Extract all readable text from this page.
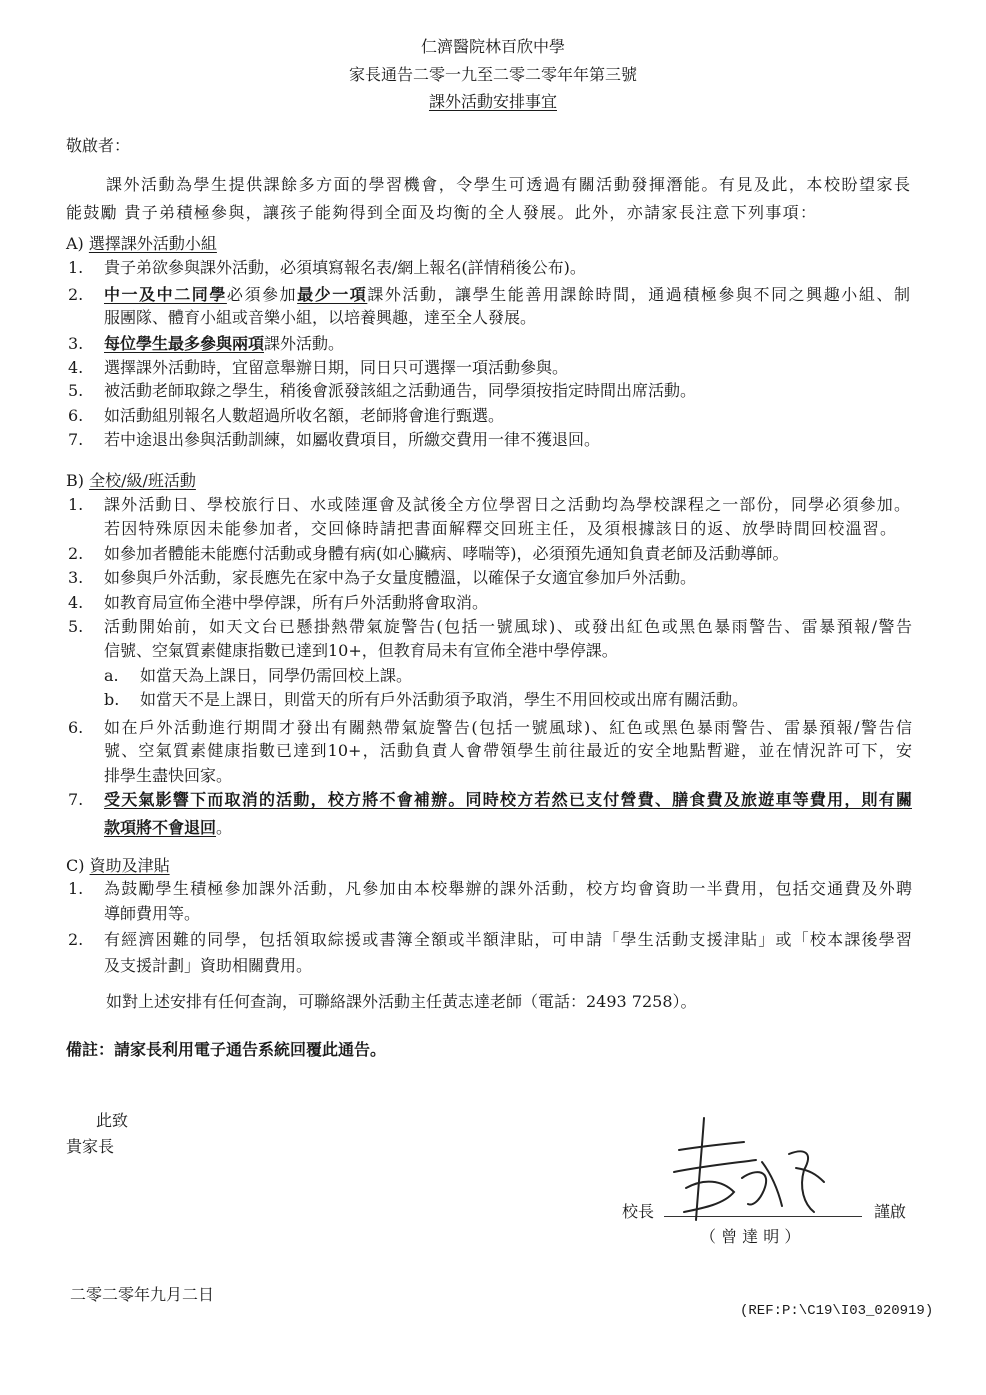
仁濟醫院林百欣中學
家長通告二零一九至二零二零年年第三號
課外活動安排事宜
敬啟者：
課外活動為學生提供課餘多方面的學習機會，令學生可透過有關活動發揮潛能。有見及此，本校盼望家長
能鼓勵 貴子弟積極參與，讓孩子能夠得到全面及均衡的全人發展。此外，亦請家長注意下列事項：
A) 選擇課外活動小組
1. 貴子弟欲參與課外活動，必須填寫報名表/網上報名(詳情稍後公布)。
2. 中一及中二同學必須參加最少一項課外活動，讓學生能善用課餘時間，通過積極參與不同之興趣小組、制
服團隊、體育小組或音樂小組，以培養興趣，達至全人發展。
3. 每位學生最多參與兩項課外活動。
4. 選擇課外活動時，宜留意舉辦日期，同日只可選擇一項活動參與。
5. 被活動老師取錄之學生，稍後會派發該組之活動通告，同學須按指定時間出席活動。
6. 如活動組別報名人數超過所收名額，老師將會進行甄選。
7. 若中途退出參與活動訓練，如屬收費項目，所繳交費用一律不獲退回。
B) 全校/級/班活動
1. 課外活動日、學校旅行日、水或陸運會及試後全方位學習日之活動均為學校課程之一部份，同學必須參加。
若因特殊原因未能參加者，交回條時請把書面解釋交回班主任，及須根據該日的返、放學時間回校溫習。
2. 如參加者體能未能應付活動或身體有病(如心臟病、哮喘等)，必須預先通知負責老師及活動導師。
3. 如參與戶外活動，家長應先在家中為子女量度體溫，以確保子女適宜參加戶外活動。
4. 如教育局宣佈全港中學停課，所有戶外活動將會取消。
5. 活動開始前，如天文台已懸掛熱帶氣旋警告(包括一號風球)、或發出紅色或黑色暴雨警告、雷暴預報/警告
信號、空氣質素健康指數已達到10+，但教育局未有宣佈全港中學停課。
a. 如當天為上課日，同學仍需回校上課。
b. 如當天不是上課日，則當天的所有戶外活動須予取消，學生不用回校或出席有關活動。
6. 如在戶外活動進行期間才發出有關熱帶氣旋警告(包括一號風球)、紅色或黑色暴雨警告、雷暴預報/警告信
號、空氣質素健康指數已達到10+，活動負責人會帶領學生前往最近的安全地點暫避，並在情況許可下，安
排學生盡快回家。
7. 受天氣影響下而取消的活動，校方將不會補辦。同時校方若然已支付營費、膳食費及旅遊車等費用，則有關
款項將不會退回。
C) 資助及津貼
1. 為鼓勵學生積極參加課外活動，凡參加由本校舉辦的課外活動，校方均會資助一半費用，包括交通費及外聘
導師費用等。
2. 有經濟困難的同學，包括領取綜援或書簿全額或半額津貼，可申請「學生活動支援津貼」或「校本課後學習
及支援計劃」資助相關費用。
如對上述安排有任何查詢，可聯絡課外活動主任黃志達老師（電話：2493 7258）。
備註：請家長利用電子通告系統回覆此通告。
此致
貴家長
校長	謹啟
（ 曾 達 明 ）
二零二零年九月二日
(REF:P:\C19\I03_020919)
